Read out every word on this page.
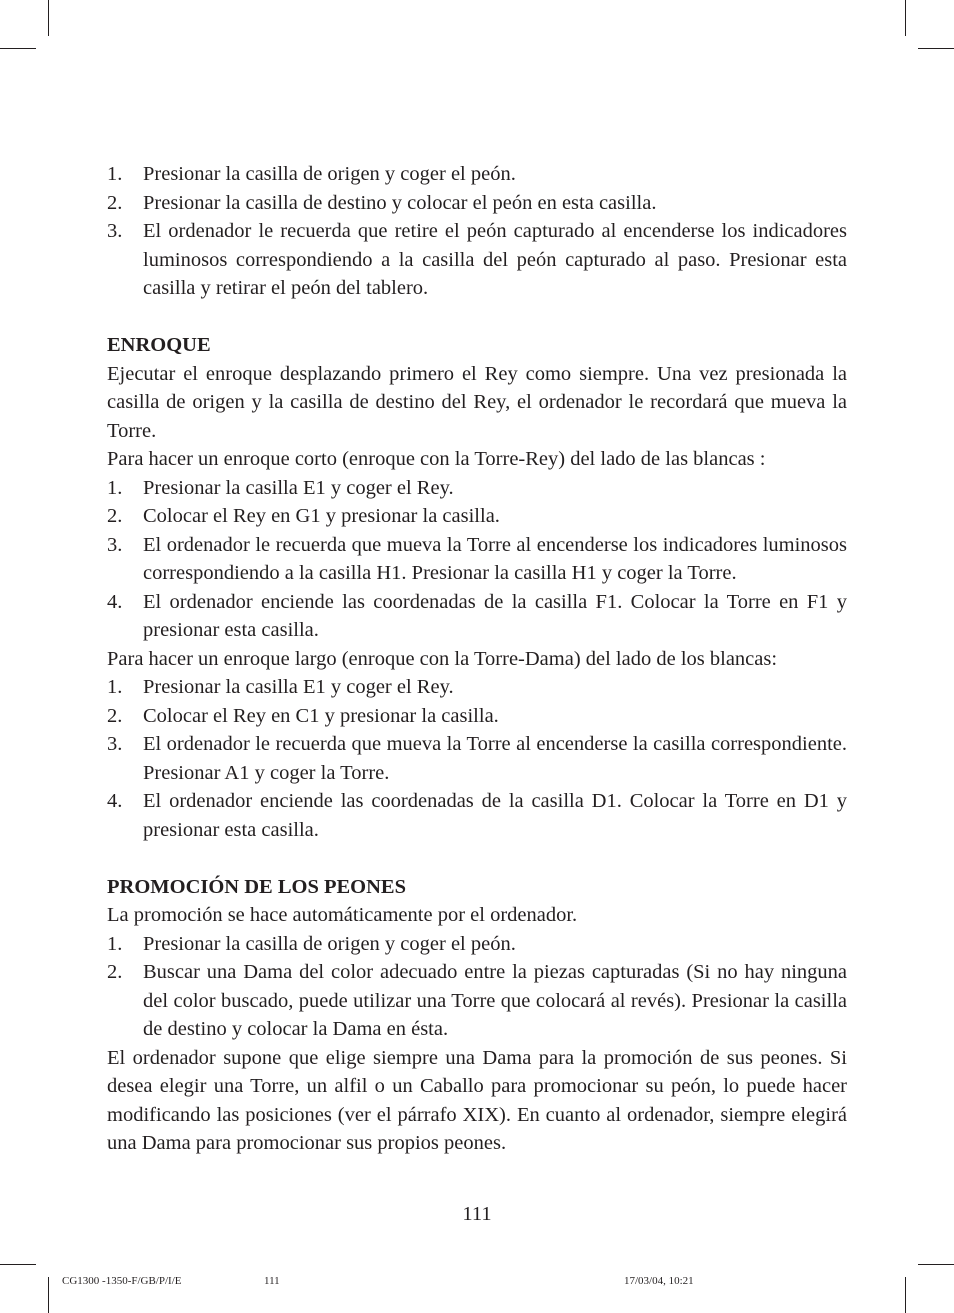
1. Presionar la casilla de origen y coger el peón.
2. Presionar la casilla de destino y colocar el peón en esta casilla.
3. El ordenador le recuerda que retire el peón capturado al encenderse los indicadores luminosos correspondiendo a la casilla del peón capturado al paso. Presionar esta casilla y retirar el peón del tablero.

ENROQUE

Ejecutar el enroque desplazando primero el Rey como siempre. Una vez presionada la casilla de origen y la casilla de destino del Rey, el ordenador le recordará que mueva la Torre.

Para hacer un enroque corto (enroque con la Torre-Rey) del lado de las blancas :

1. Presionar la casilla E1 y coger el Rey.
2. Colocar el Rey en G1 y presionar la casilla.
3. El ordenador le recuerda que mueva la Torre al encenderse los indicadores luminosos correspondiendo a la casilla H1. Presionar la casilla H1 y coger la Torre.
4. El ordenador enciende las coordenadas de la casilla F1. Colocar la Torre en F1 y presionar esta casilla.

Para hacer un enroque largo (enroque con la Torre-Dama) del lado de los blancas:

1. Presionar la casilla E1 y coger el Rey.
2. Colocar el Rey en C1 y presionar la casilla.
3. El ordenador le recuerda que mueva la Torre al encenderse la casilla correspondiente. Presionar A1 y coger la Torre.
4. El ordenador enciende las coordenadas de la casilla D1. Colocar la Torre en D1 y presionar esta casilla.

PROMOCIÓN DE LOS PEONES

La promoción se hace automáticamente por el ordenador.

1. Presionar la casilla de origen y coger el peón.
2. Buscar una Dama del color adecuado entre la piezas capturadas (Si no hay ninguna del color buscado, puede utilizar una Torre que colocará al revés). Presionar la casilla de destino y colocar la Dama en ésta.

El ordenador supone que elige siempre una Dama para la promoción de sus peones. Si desea elegir una Torre, un alfil o un Caballo para promocionar su peón, lo puede hacer modificando las posiciones (ver el párrafo XIX). En cuanto al ordenador, siempre elegirá una Dama para promocionar sus propios peones.

111
CG1300 -1350-F/GB/P/I/E	111	17/03/04, 10:21
